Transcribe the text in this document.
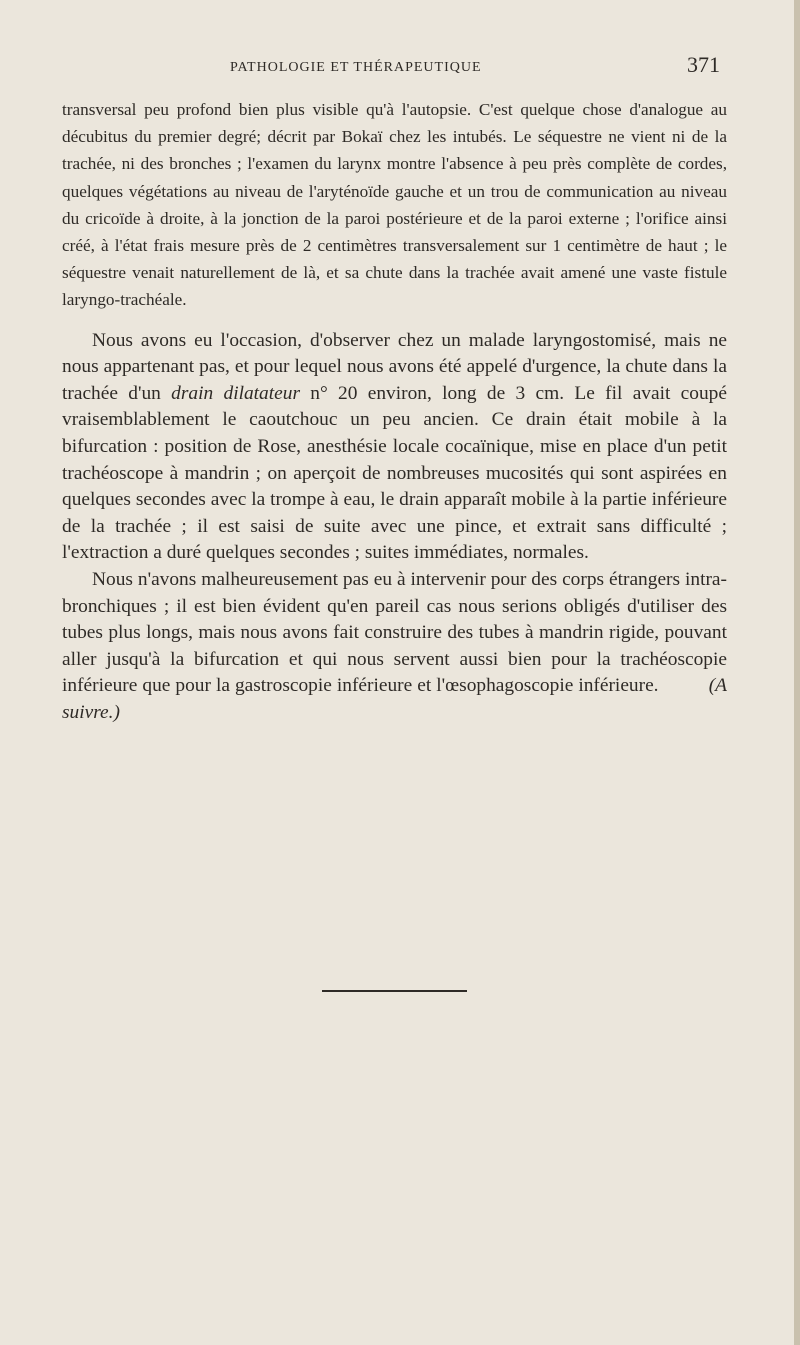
PATHOLOGIE ET THÉRAPEUTIQUE	371

transversal peu profond bien plus visible qu'à l'autopsie. C'est quelque chose d'analogue au décubitus du premier degré; décrit par Bokaï chez les intubés. Le séquestre ne vient ni de la trachée, ni des bronches ; l'examen du larynx montre l'absence à peu près complète de cordes, quelques végétations au niveau de l'aryténoïde gauche et un trou de communication au niveau du cricoïde à droite, à la jonction de la paroi postérieure et de la paroi externe ; l'orifice ainsi créé, à l'état frais mesure près de 2 centimètres transversalement sur 1 centimètre de haut ; le séquestre venait naturellement de là, et sa chute dans la trachée avait amené une vaste fistule laryngo-trachéale.

Nous avons eu l'occasion, d'observer chez un malade laryngostomisé, mais ne nous appartenant pas, et pour lequel nous avons été appelé d'urgence, la chute dans la trachée d'un drain dilatateur n° 20 environ, long de 3 cm. Le fil avait coupé vraisemblablement le caoutchouc un peu ancien. Ce drain était mobile à la bifurcation : position de Rose, anesthésie locale cocaïnique, mise en place d'un petit trachéoscope à mandrin ; on aperçoit de nombreuses mucosités qui sont aspirées en quelques secondes avec la trompe à eau, le drain apparaît mobile à la partie inférieure de la trachée ; il est saisi de suite avec une pince, et extrait sans difficulté ; l'extraction a duré quelques secondes ; suites immédiates, normales.

Nous n'avons malheureusement pas eu à intervenir pour des corps étrangers intra-bronchiques ; il est bien évident qu'en pareil cas nous serions obligés d'utiliser des tubes plus longs, mais nous avons fait construire des tubes à mandrin rigide, pouvant aller jusqu'à la bifurcation et qui nous servent aussi bien pour la trachéoscopie inférieure que pour la gastroscopie inférieure et l'œsophagoscopie inférieure.	(A suivre.)
